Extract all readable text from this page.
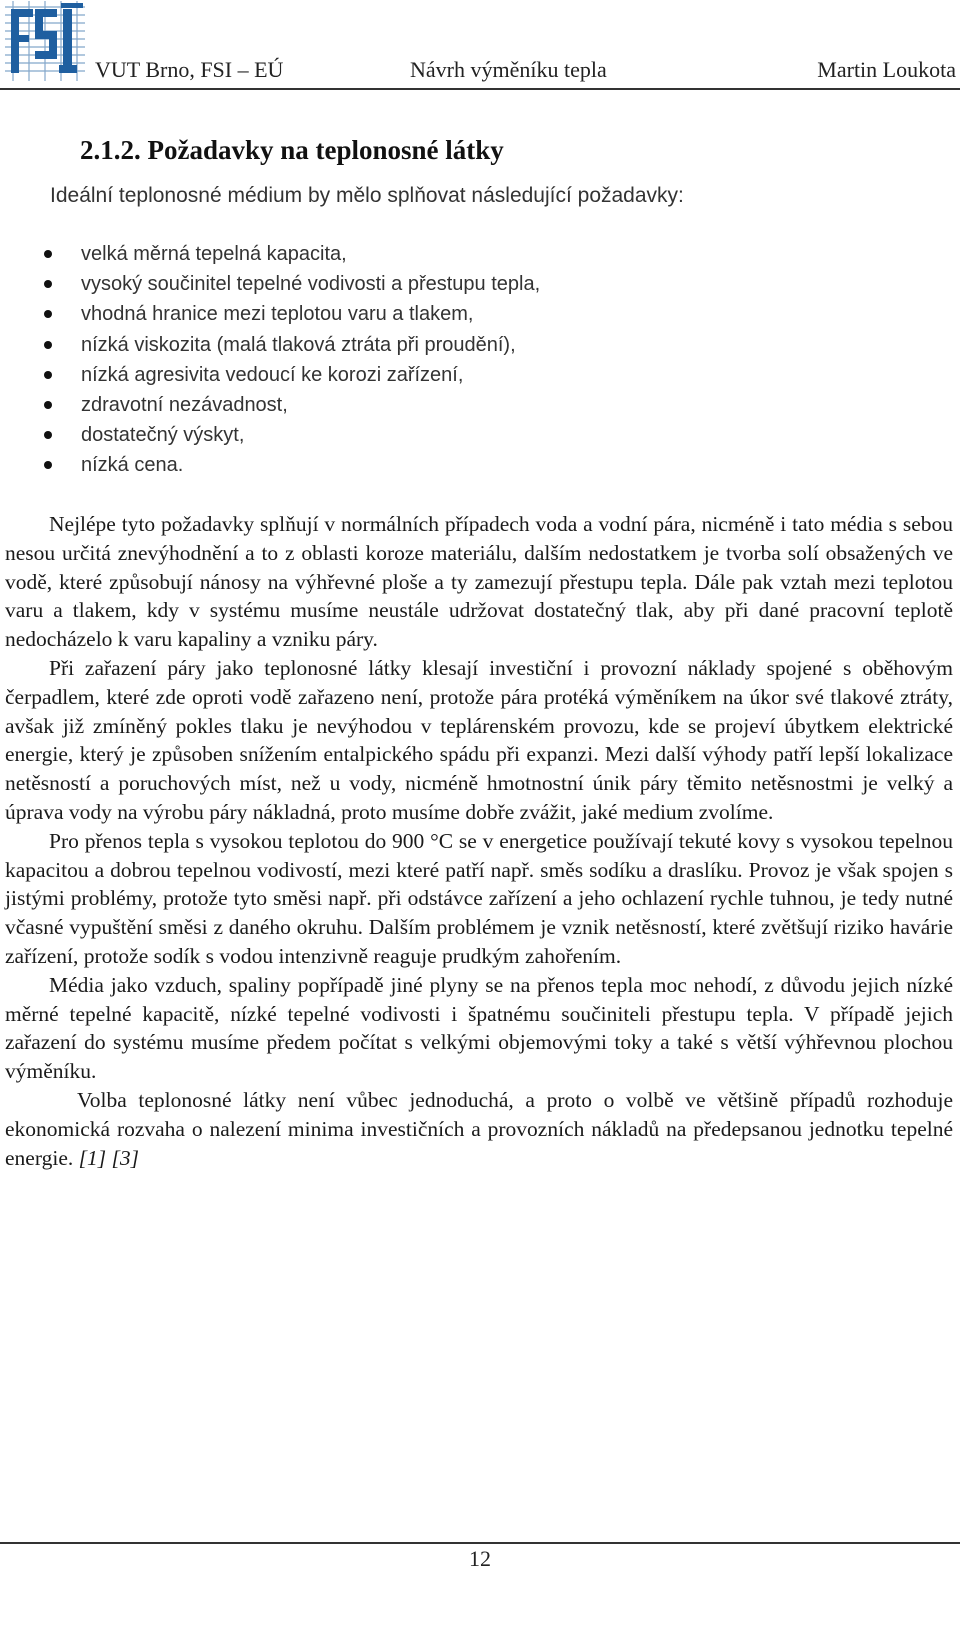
VUT Brno, FSI – EÚ	Návrh výměníku tepla	Martin Loukota
2.1.2. Požadavky na teplonosné látky

Ideální teplonosné médium by mělo splňovat následující požadavky:

velká měrná tepelná kapacita,
vysoký součinitel tepelné vodivosti a přestupu tepla,
vhodná hranice mezi teplotou varu a tlakem,
nízká viskozita (malá tlaková ztráta při proudění),
nízká agresivita vedoucí ke korozi zařízení,
zdravotní nezávadnost,
dostatečný výskyt,
nízká cena.

Nejlépe tyto požadavky splňují v normálních případech voda a vodní pára, nicméně i tato média s sebou nesou určitá znevýhodnění a to z oblasti koroze materiálu, dalším nedostatkem je tvorba solí obsažených ve vodě, které způsobují nánosy na výhřevné ploše a ty zamezují přestupu tepla. Dále pak vztah mezi teplotou varu a tlakem, kdy v systému musíme neustále udržovat dostatečný tlak, aby při dané pracovní teplotě nedocházelo k varu kapaliny a vzniku páry.

Při zařazení páry jako teplonosné látky klesají investiční i provozní náklady spojené s oběhovým čerpadlem, které zde oproti vodě zařazeno není, protože pára protéká výměníkem na úkor své tlakové ztráty, avšak již zmíněný pokles tlaku je nevýhodou v teplárenském provozu, kde se projeví úbytkem elektrické energie, který je způsoben snížením entalpického spádu při expanzi. Mezi další výhody patří lepší lokalizace netěsností a poruchových míst, než u vody, nicméně hmotnostní únik páry těmito netěsnostmi je velký a úprava vody na výrobu páry nákladná, proto musíme dobře zvážit, jaké medium zvolíme.

Pro přenos tepla s vysokou teplotou do 900 °C se v energetice používají tekuté kovy s vysokou tepelnou kapacitou a dobrou tepelnou vodivostí, mezi které patří např. směs sodíku a draslíku. Provoz je však spojen s jistými problémy, protože tyto směsi např. při odstávce zařízení a jeho ochlazení rychle tuhnou, je tedy nutné včasné vypuštění směsi z daného okruhu. Dalším problémem je vznik netěsností, které zvětšují riziko havárie zařízení, protože sodík s vodou intenzivně reaguje prudkým zahořením.

Média jako vzduch, spaliny popřípadě jiné plyny se na přenos tepla moc nehodí, z důvodu jejich nízké měrné tepelné kapacitě, nízké tepelné vodivosti i špatnému součiniteli přestupu tepla. V případě jejich zařazení do systému musíme předem počítat s velkými objemovými toky a také s větší výhřevnou plochou výměníku.

Volba teplonosné látky není vůbec jednoduchá, a proto o volbě ve většině případů rozhoduje ekonomická rozvaha o nalezení minima investičních a provozních nákladů na předepsanou jednotku tepelné energie. [1] [3]

12
